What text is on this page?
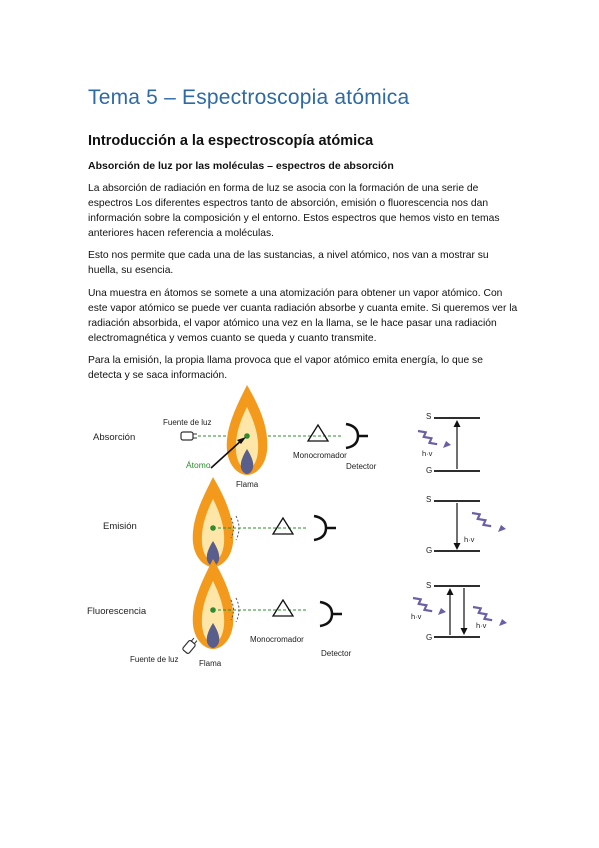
Tema 5 – Espectroscopia atómica
Introducción a la espectroscopía atómica
Absorción de luz por las moléculas – espectros de absorción

La absorción de radiación en forma de luz se asocia con la formación de una serie de espectros Los diferentes espectros tanto de absorción, emisión o fluorescencia nos dan información sobre la composición y el entorno. Estos espectros que hemos visto en temas anteriores hacen referencia a moléculas.

Esto nos permite que cada una de las sustancias, a nivel atómico, nos van a mostrar su huella, su esencia.

Una muestra en átomos se somete a una atomización para obtener un vapor atómico. Con este vapor atómico se puede ver cuanta radiación absorbe y cuanta emite. Si queremos ver la radiación absorbida, el vapor atómico una vez en la llama, se le hace pasar una radiación electromagnética y vemos cuanto se queda y cuanto transmite.

Para la emisión, la propia llama provoca que el vapor atómico emita energía, lo que se detecta y se saca información.

Absorción
Fuente de luz
Átomo
Flama
Monocromador
Detector
Emisión
Fluorescencia
Monocromador
Detector
Fuente de luz	Flama
S
G
h·v
S
G
h·v
S
G
h·v
h·v
